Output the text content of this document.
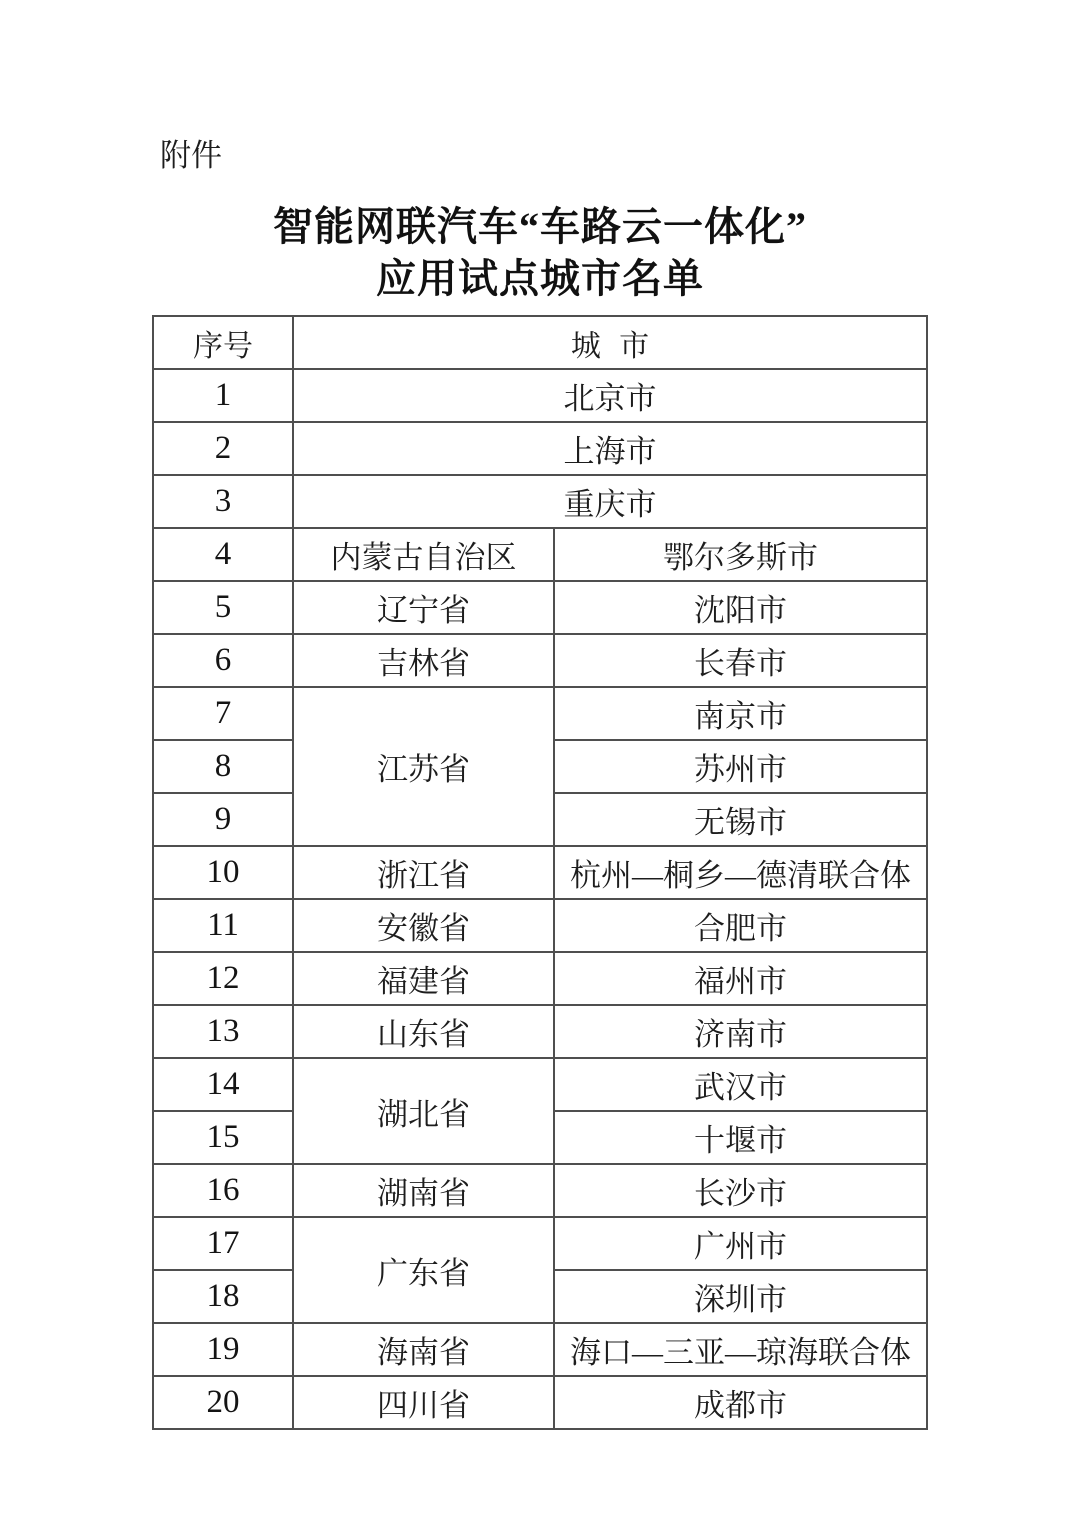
附件
智能网联汽车“车路云一体化”
应用试点城市名单
序号	城 市	
1	北京市	
2	上海市	
3	重庆市	
4	内蒙古自治区	鄂尔多斯市
5	辽宁省	沈阳市
6	吉林省	长春市
7	江苏省	南京市
8		苏州市
9		无锡市
10	浙江省	杭州—桐乡—德清联合体
11	安徽省	合肥市
12	福建省	福州市
13	山东省	济南市
14	湖北省	武汉市
15		十堰市
16	湖南省	长沙市
17	广东省	广州市
18		深圳市
19	海南省	海口—三亚—琼海联合体
20	四川省	成都市
